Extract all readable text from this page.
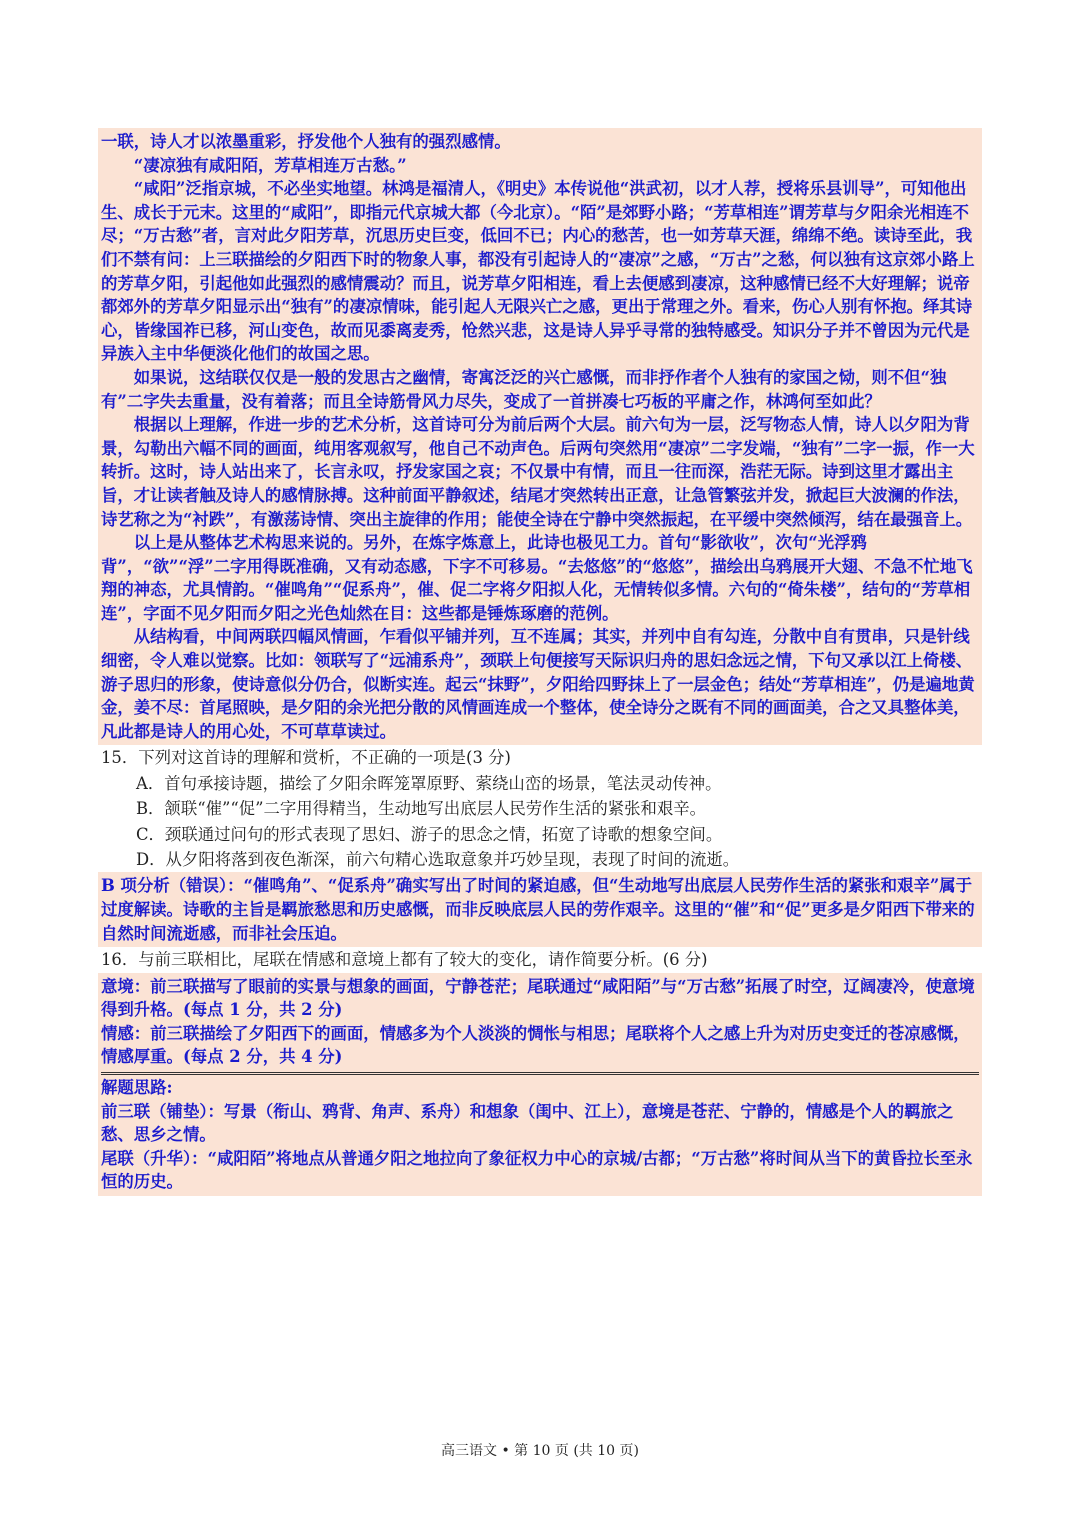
一联，诗人才以浓墨重彩，抒发他个人独有的强烈感情。

“凄凉独有咸阳陌，芳草相连万古愁。”

“咸阳”泛指京城，不必坐实地望。林鸿是福清人，《明史》本传说他“洪武初，以才人荐，授将乐县训导”，可知他出生、成长于元末。这里的“咸阳”，即指元代京城大都（今北京）。“陌”是郊野小路；“芳草相连”谓芳草与夕阳余光相连不尽；“万古愁”者，言对此夕阳芳草，沉思历史巨变，低回不已；内心的愁苦，也一如芳草天涯，绵绵不绝。读诗至此，我们不禁有问：上三联描绘的夕阳西下时的物象人事，都没有引起诗人的“凄凉”之感，“万古”之愁，何以独有这京郊小路上的芳草夕阳，引起他如此强烈的感情震动？而且，说芳草夕阳相连，看上去便感到凄凉，这种感情已经不大好理解；说帝都郊外的芳草夕阳显示出“独有”的凄凉情味，能引起人无限兴亡之感，更出于常理之外。看来，伤心人别有怀抱。绎其诗心，皆缘国祚已移，河山变色，故而见黍离麦秀，怆然兴悲，这是诗人异乎寻常的独特感受。知识分子并不曾因为元代是异族入主中华便淡化他们的故国之思。

如果说，这结联仅仅是一般的发思古之幽情，寄寓泛泛的兴亡感慨，而非抒作者个人独有的家国之恸，则不但“独有”二字失去重量，没有着落；而且全诗筋骨风力尽失，变成了一首拼凑七巧板的平庸之作，林鸿何至如此？

根据以上理解，作进一步的艺术分析，这首诗可分为前后两个大层。前六句为一层，泛写物态人情，诗人以夕阳为背景，勾勒出六幅不同的画面，纯用客观叙写，他自己不动声色。后两句突然用“凄凉”二字发端，“独有”二字一振，作一大转折。这时，诗人站出来了，长言永叹，抒发家国之哀；不仅景中有情，而且一往而深，浩茫无际。诗到这里才露出主旨，才让读者触及诗人的感情脉搏。这种前面平静叙述，结尾才突然转出正意，让急管繁弦并发，掀起巨大波澜的作法，诗艺称之为“衬跌”，有激荡诗情、突出主旋律的作用；能使全诗在宁静中突然振起，在平缓中突然倾泻，结在最强音上。

以上是从整体艺术构思来说的。另外，在炼字炼意上，此诗也极见工力。首句“影欲收”，次句“光浮鸦背”，“欲”“浮”二字用得既准确，又有动态感，下字不可移易。“去悠悠”的“悠悠”，描绘出乌鸦展开大翅、不急不忙地飞翔的神态，尤具情韵。“催鸣角”“促系舟”，催、促二字将夕阳拟人化，无情转似多情。六句的“倚朱楼”，结句的“芳草相连”，字面不见夕阳而夕阳之光色灿然在目：这些都是锤炼琢磨的范例。

从结构看，中间两联四幅风情画，乍看似平铺并列，互不连属；其实，并列中自有勾连，分散中自有贯串，只是针线细密，令人难以觉察。比如：领联写了“远浦系舟”，颈联上句便接写天际识归舟的思妇念远之情，下句又承以江上倚楼、游子思归的形象，使诗意似分仍合，似断实连。起云“抹野”，夕阳给四野抹上了一层金色；结处“芳草相连”，仍是遍地黄金，姜不尽：首尾照映，是夕阳的余光把分散的风情画连成一个整体，使全诗分之既有不同的画面美，合之又具整体美，凡此都是诗人的用心处，不可草草读过。

15．下列对这首诗的理解和赏析，不正确的一项是(3 分)

A．首句承接诗题，描绘了夕阳余晖笼罩原野、萦绕山峦的场景，笔法灵动传神。

B．颔联“催”“促”二字用得精当，生动地写出底层人民劳作生活的紧张和艰辛。

C．颈联通过问句的形式表现了思妇、游子的思念之情，拓宽了诗歌的想象空间。

D．从夕阳将落到夜色渐深，前六句精心选取意象并巧妙呈现，表现了时间的流逝。

B 项分析（错误）：“催鸣角”、“促系舟”确实写出了时间的紧迫感，但“生动地写出底层人民劳作生活的紧张和艰辛”属于过度解读。诗歌的主旨是羁旅愁思和历史感慨，而非反映底层人民的劳作艰辛。这里的“催”和“促”更多是夕阳西下带来的自然时间流逝感，而非社会压迫。

16．与前三联相比，尾联在情感和意境上都有了较大的变化，请作简要分析。(6 分)

意境：前三联描写了眼前的实景与想象的画面，宁静苍茫；尾联通过“咸阳陌”与“万古愁”拓展了时空，辽阔凄冷，使意境得到升格。(每点 1 分，共 2 分)

情感：前三联描绘了夕阳西下的画面，情感多为个人淡淡的惆怅与相思；尾联将个人之感上升为对历史变迁的苍凉感慨，情感厚重。(每点 2 分，共 4 分)

解题思路:

前三联（铺垫）：写景（衔山、鸦背、角声、系舟）和想象（闺中、江上），意境是苍茫、宁静的，情感是个人的羁旅之愁、思乡之情。

尾联（升华）：“咸阳陌”将地点从普通夕阳之地拉向了象征权力中心的京城/古都；“万古愁”将时间从当下的黄昏拉长至永恒的历史。

高三语文 • 第 10 页 (共 10 页)
